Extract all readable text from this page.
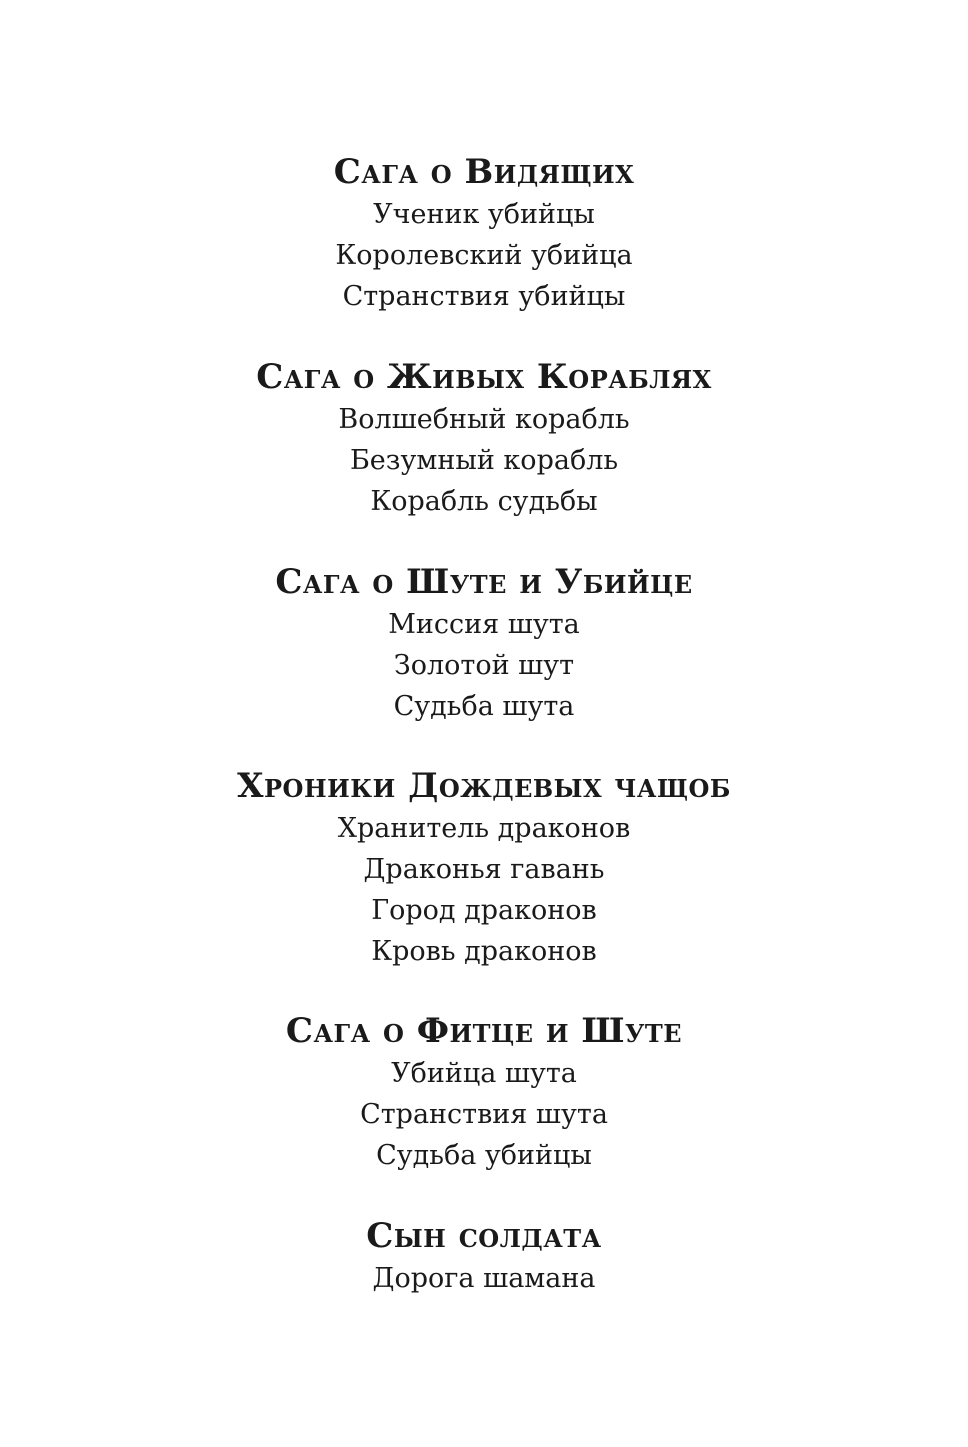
Сага о Видящих
Ученик убийцы
Королевский убийца
Странствия убийцы
Сага о Живых Кораблях
Волшебный корабль
Безумный корабль
Корабль судьбы
Сага о Шуте и Убийце
Миссия шута
Золотой шут
Судьба шута
Хроники Дождевых чащоб
Хранитель драконов
Драконья гавань
Город драконов
Кровь драконов
Сага о Фитце и Шуте
Убийца шута
Странствия шута
Судьба убийцы
Сын солдата
Дорога шамана
